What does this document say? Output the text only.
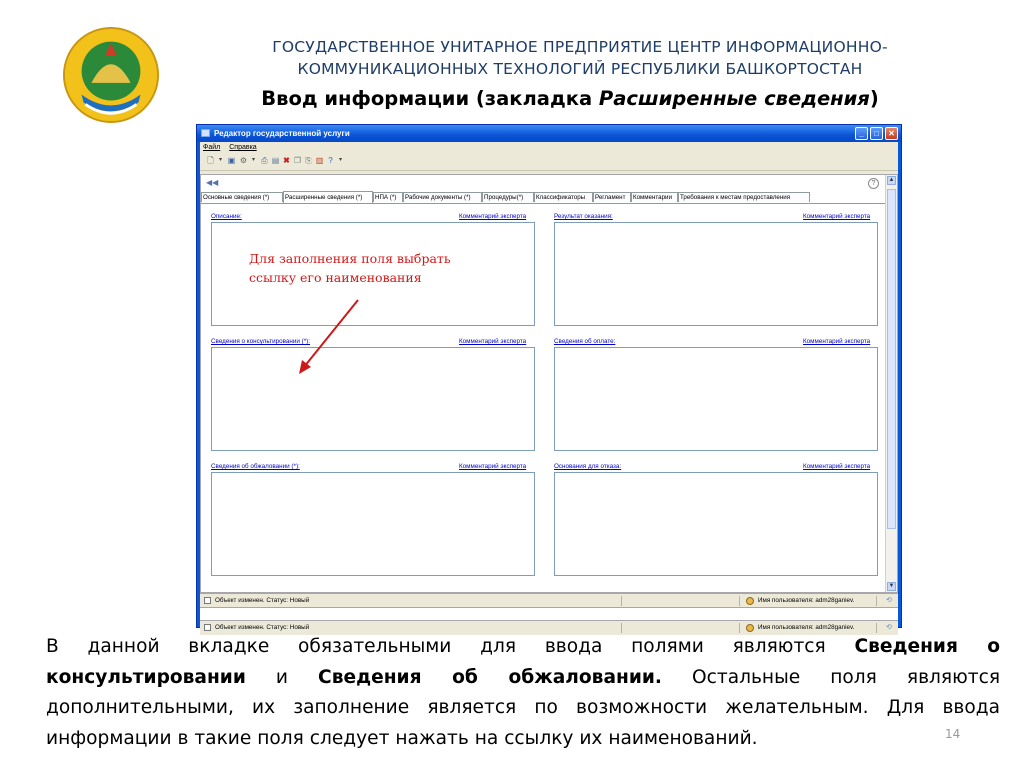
ГОСУДАРСТВЕННОЕ УНИТАРНОЕ ПРЕДПРИЯТИЕ ЦЕНТР ИНФОРМАЦИОННО-
КОММУНИКАЦИОННЫХ ТЕХНОЛОГИЙ РЕСПУБЛИКИ БАШКОРТОСТАН
Ввод информации (закладка Расширенные сведения)
Редактор государственной услуги	_	□	✕
Файл Справка
🗋 ▾ ▣ ⚙ ▾ ⎙ ▤ ✖ ❐ ⎘ ▥ ?	▾
◀◀	?	▲
▼
Основные сведения (*)	Расширенные сведения (*)	НПА (*)	Рабочие документы (*)	Процедуры(*)	Классификаторы	Регламент	Комментарии	Требования к местам предоставления
Описание:	Комментарий эксперта	Результат оказания:	Комментарий эксперта
Сведения о консультировании (*):	Комментарий эксперта	Сведения об оплате:	Комментарий эксперта
Сведения об обжаловании (*):	Комментарий эксперта	Основания для отказа:	Комментарий эксперта
Для заполнения поля выбрать
ссылку его наименования
Объект изменен. Статус: Новый	Имя пользователя: adm28ganiev.	⟲
Объект изменен. Статус: Новый	Имя пользователя: adm28ganiev.	⟲
В данной вкладке обязательными для ввода полями являются Сведения о консультировании и Сведения об обжаловании. Остальные поля являются дополнительными, их заполнение является по возможности желательным. Для ввода информации в такие поля следует нажать на ссылку их наименований.	14
